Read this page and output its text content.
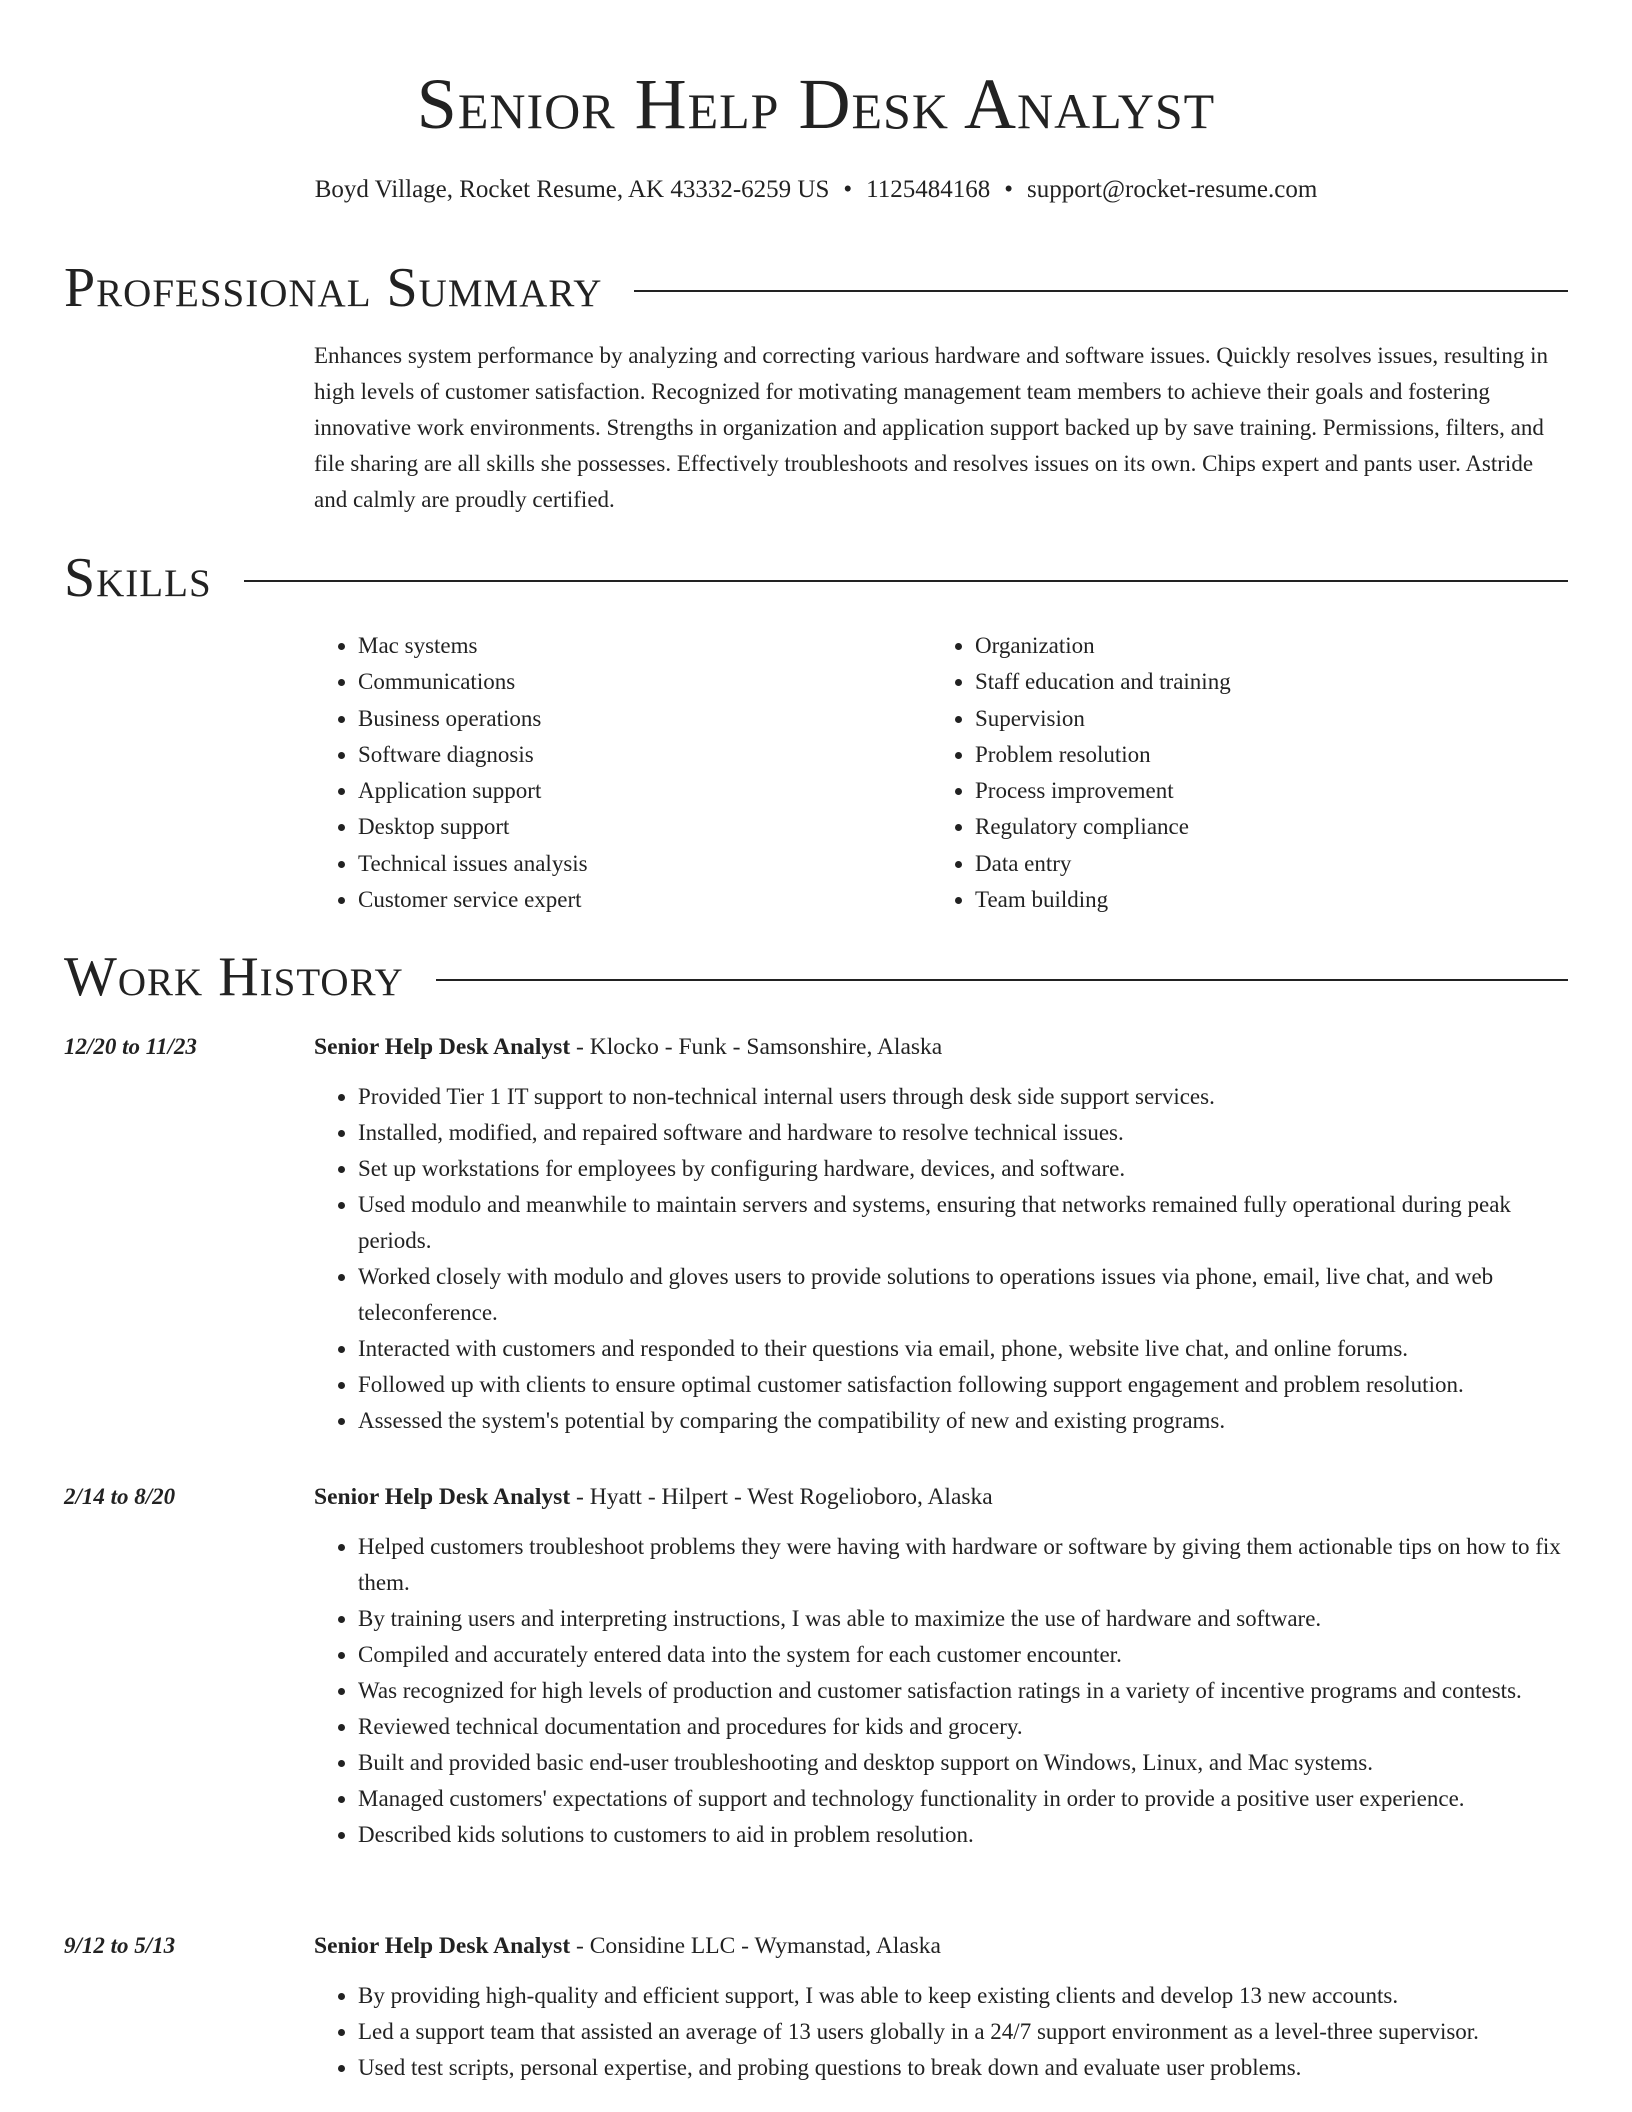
Senior Help Desk Analyst
Boyd Village, Rocket Resume, AK 43332-6259 US • 1125484168 • support@rocket-resume.com
Professional Summary

Enhances system performance by analyzing and correcting various hardware and software issues. Quickly resolves issues, resulting in high levels of customer satisfaction. Recognized for motivating management team members to achieve their goals and fostering innovative work environments. Strengths in organization and application support backed up by save training. Permissions, filters, and file sharing are all skills she possesses. Effectively troubleshoots and resolves issues on its own. Chips expert and pants user. Astride and calmly are proudly certified.

Skills
• Mac systems
• Communications
• Business operations
• Software diagnosis
• Application support
• Desktop support
• Technical issues analysis
• Customer service expert
• Organization
• Staff education and training
• Supervision
• Problem resolution
• Process improvement
• Regulatory compliance
• Data entry
• Team building
Work History
12/20 to 11/23	Senior Help Desk Analyst - Klocko - Funk - Samsonshire, Alaska
• Provided Tier 1 IT support to non-technical internal users through desk side support services.
• Installed, modified, and repaired software and hardware to resolve technical issues.
• Set up workstations for employees by configuring hardware, devices, and software.
• Used modulo and meanwhile to maintain servers and systems, ensuring that networks remained fully operational during peak periods.
• Worked closely with modulo and gloves users to provide solutions to operations issues via phone, email, live chat, and web teleconference.
• Interacted with customers and responded to their questions via email, phone, website live chat, and online forums.
• Followed up with clients to ensure optimal customer satisfaction following support engagement and problem resolution.
• Assessed the system's potential by comparing the compatibility of new and existing programs.
2/14 to 8/20	Senior Help Desk Analyst - Hyatt - Hilpert - West Rogelioboro, Alaska
• Helped customers troubleshoot problems they were having with hardware or software by giving them actionable tips on how to fix them.
• By training users and interpreting instructions, I was able to maximize the use of hardware and software.
• Compiled and accurately entered data into the system for each customer encounter.
• Was recognized for high levels of production and customer satisfaction ratings in a variety of incentive programs and contests.
• Reviewed technical documentation and procedures for kids and grocery.
• Built and provided basic end-user troubleshooting and desktop support on Windows, Linux, and Mac systems.
• Managed customers' expectations of support and technology functionality in order to provide a positive user experience.
• Described kids solutions to customers to aid in problem resolution.
9/12 to 5/13	Senior Help Desk Analyst - Considine LLC - Wymanstad, Alaska
• By providing high-quality and efficient support, I was able to keep existing clients and develop 13 new accounts.
• Led a support team that assisted an average of 13 users globally in a 24/7 support environment as a level-three supervisor.
• Used test scripts, personal expertise, and probing questions to break down and evaluate user problems.
